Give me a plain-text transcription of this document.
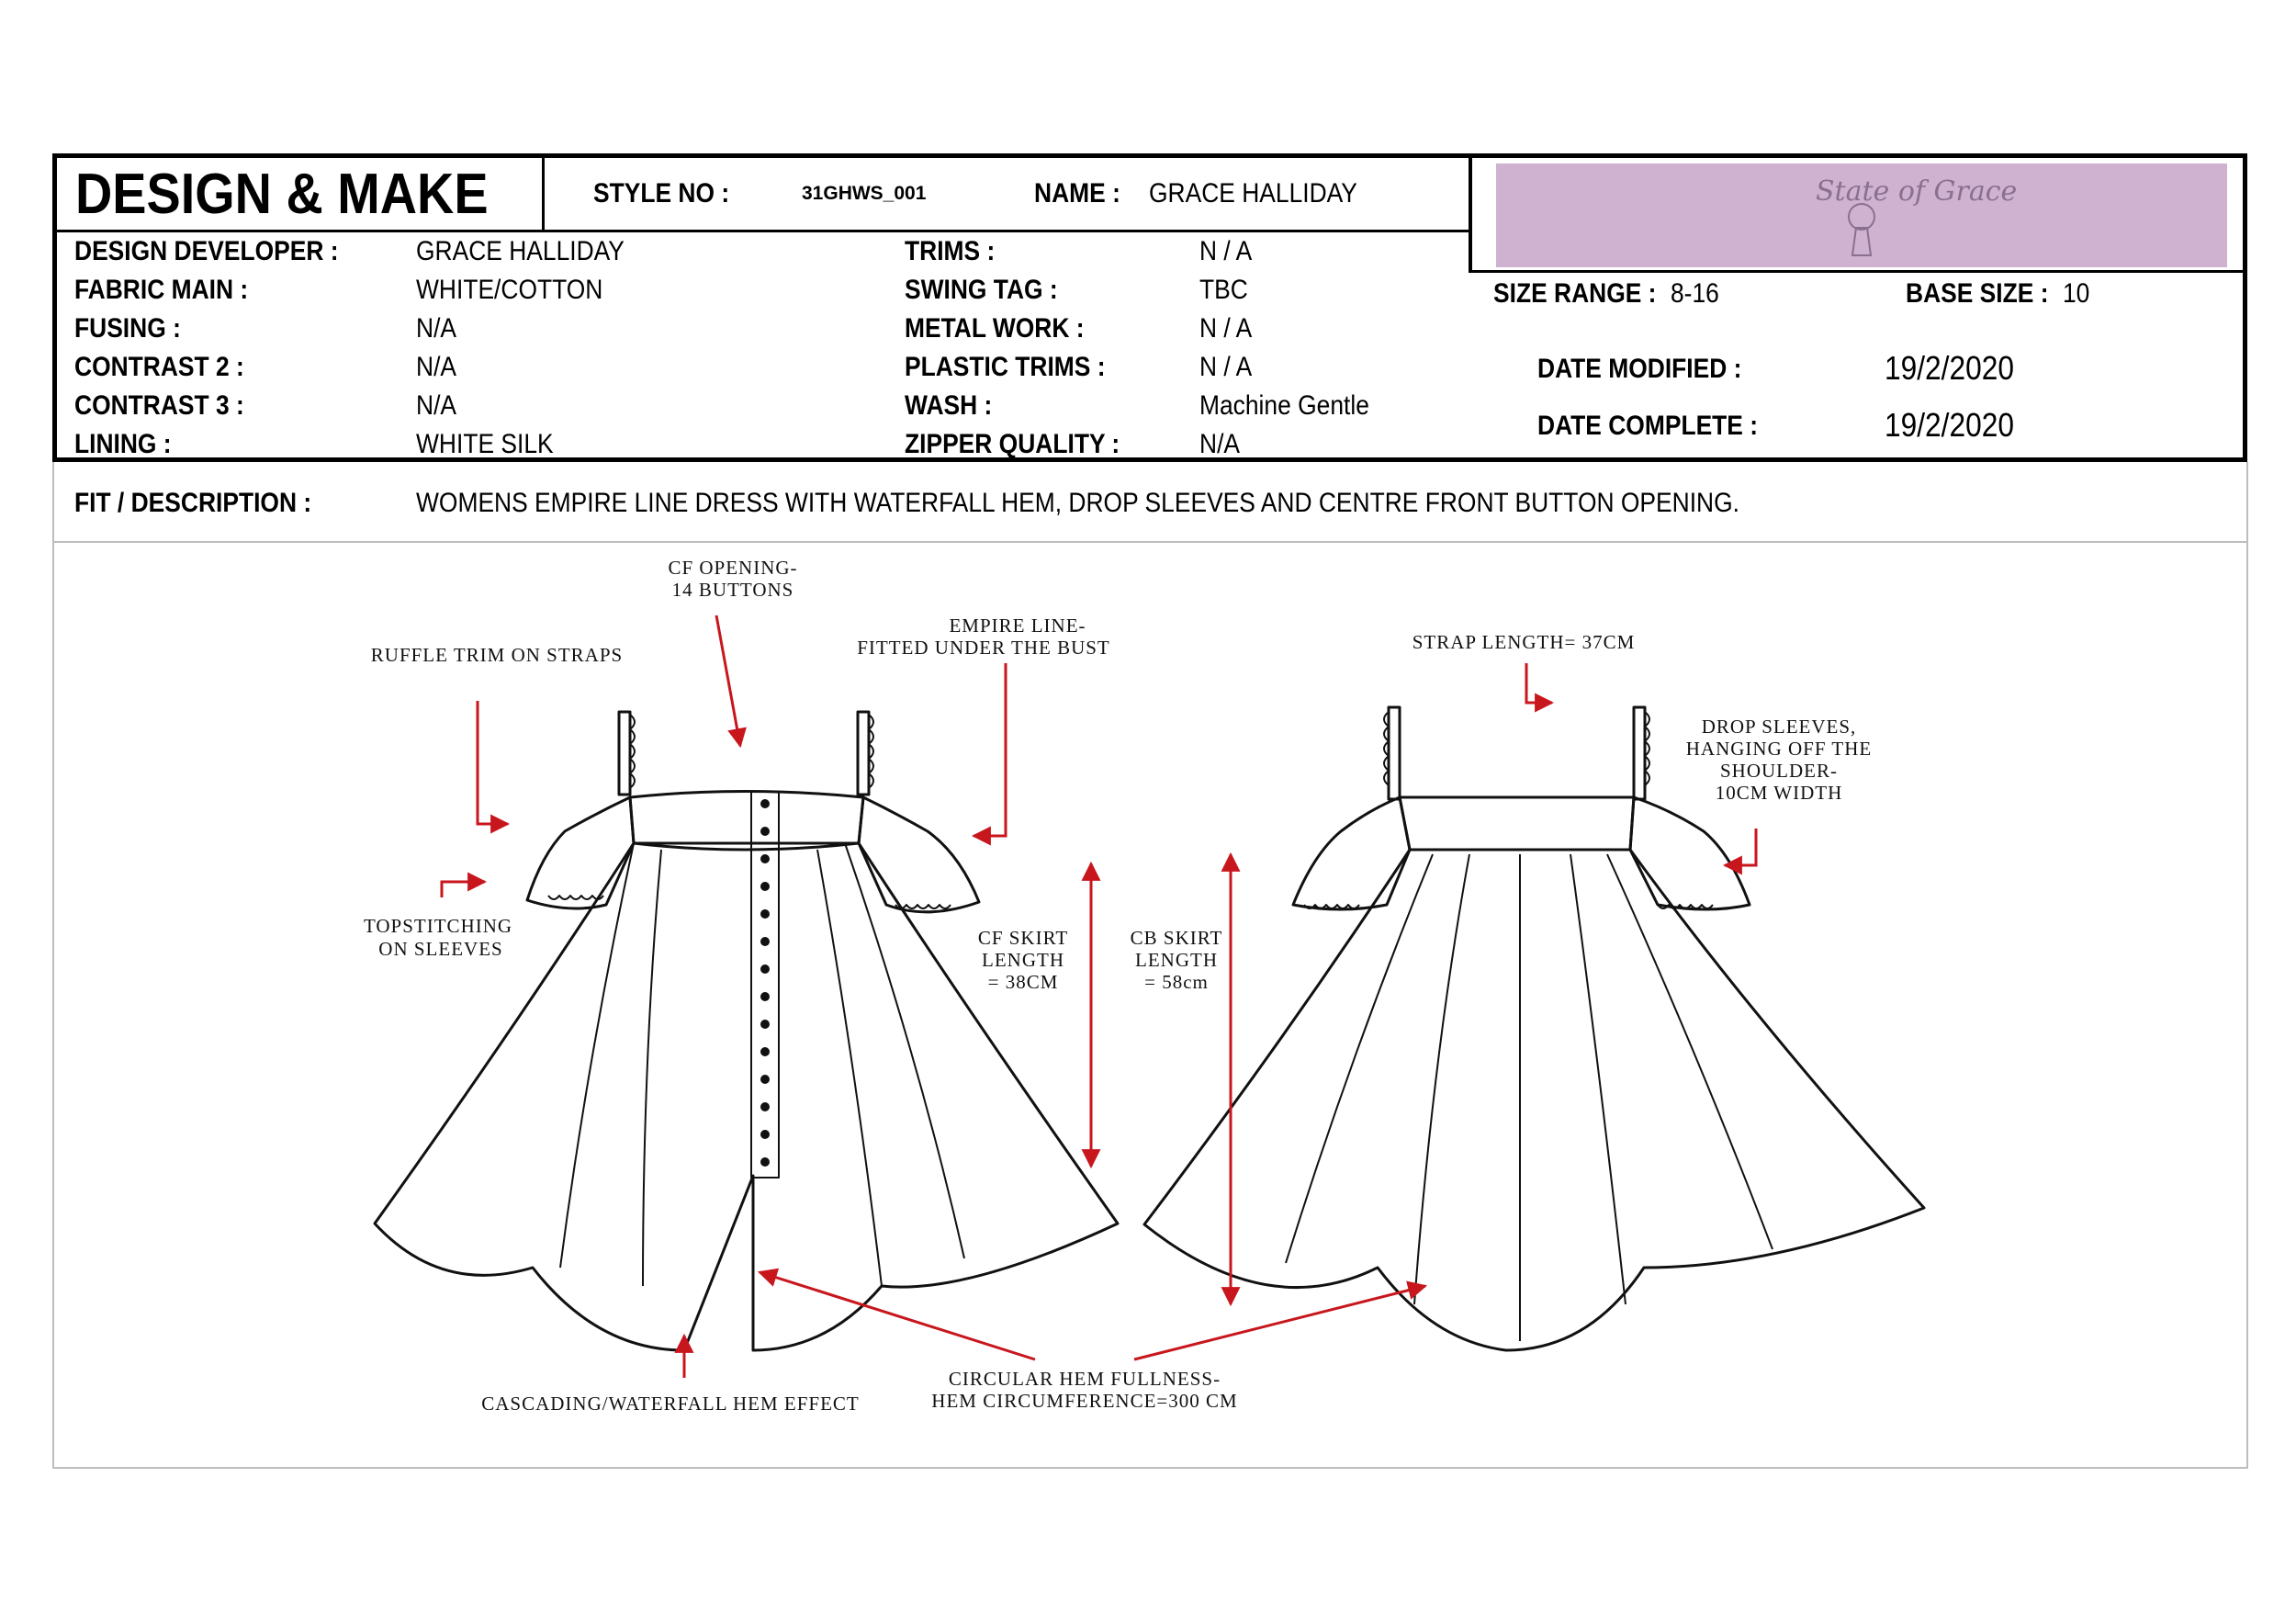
DESIGN & MAKE	STYLE NO :	31GHWS_001	NAME : GRACE HALLIDAY	State of Grace
DESIGN DEVELOPER :	GRACE HALLIDAY
FABRIC MAIN :	WHITE/COTTON
FUSING :	N/A
CONTRAST 2 :	N/A
CONTRAST 3 :	N/A
LINING :	WHITE SILK
TRIMS :	N / A
SWING TAG :	TBC
METAL WORK :	N / A
PLASTIC TRIMS :	N / A
WASH :	Machine Gentle
ZIPPER QUALITY :	N/A
SIZE RANGE : 8-16	BASE SIZE : 10
DATE MODIFIED :	19/2/2020
DATE COMPLETE :	19/2/2020
FIT / DESCRIPTION :	WOMENS EMPIRE LINE DRESS WITH WATERFALL HEM, DROP SLEEVES AND CENTRE FRONT BUTTON OPENING.
CF OPENING-
14 BUTTONS
RUFFLE TRIM ON STRAPS
EMPIRE LINE-
FITTED UNDER THE BUST
TOPSTITCHING
ON SLEEVES	CF SKIRT
LENGTH
= 38CM
CB SKIRT
LENGTH
= 58cm
STRAP LENGTH= 37CM
DROP SLEEVES,
HANGING OFF THE
SHOULDER-
10CM WIDTH
CASCADING/WATERFALL HEM EFFECT
CIRCULAR HEM FULLNESS-
HEM CIRCUMFERENCE=300 CM
